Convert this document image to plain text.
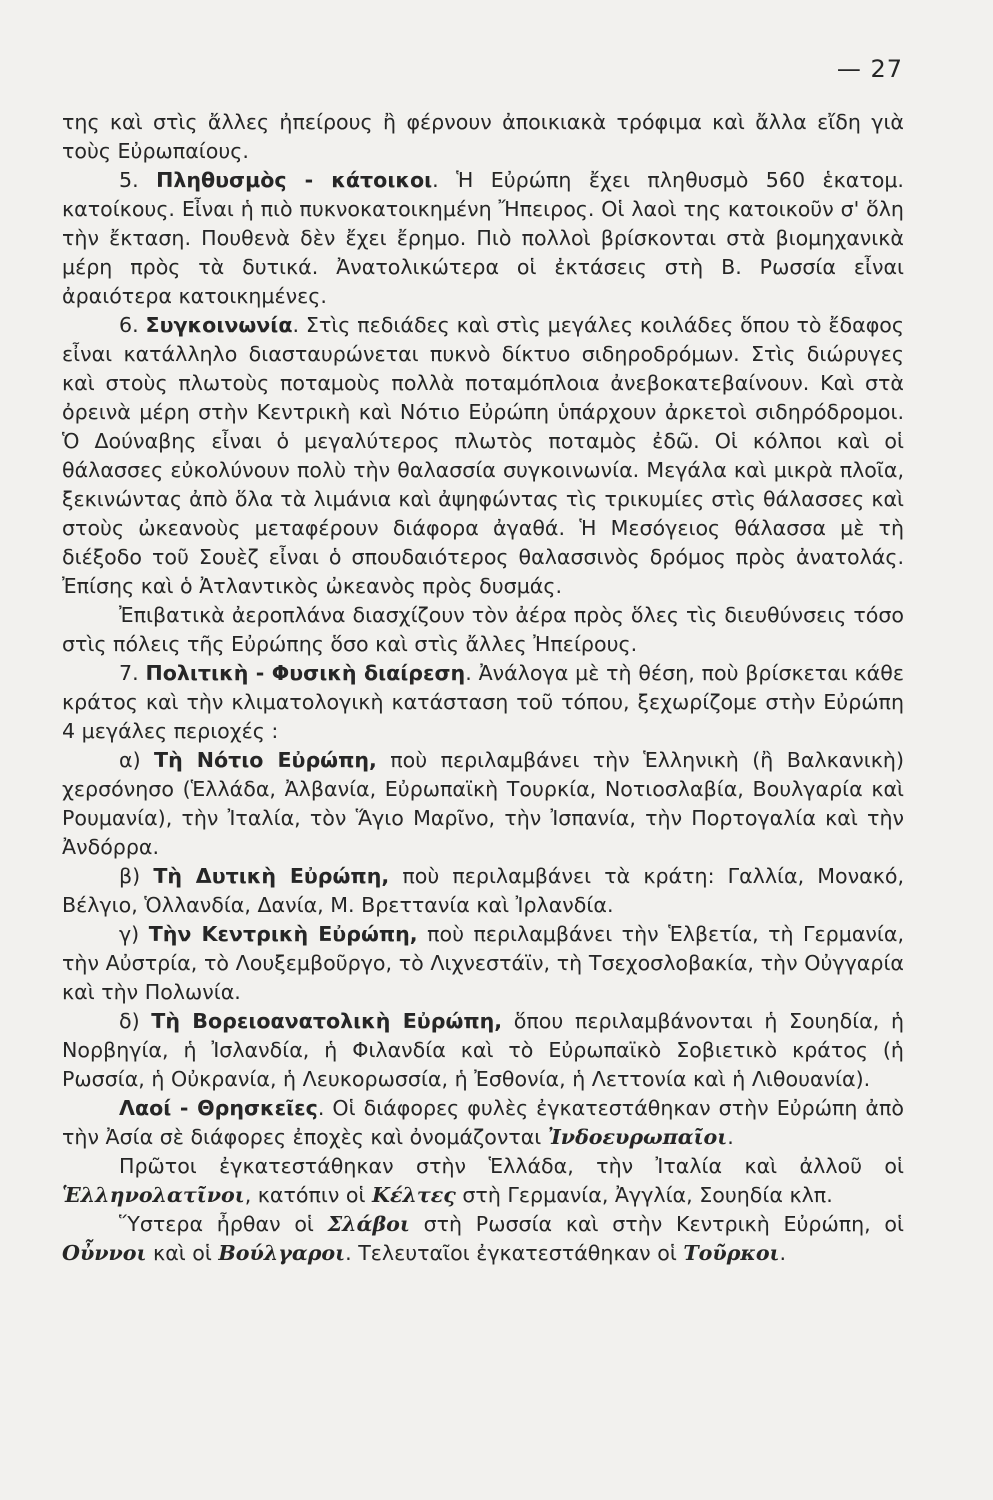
— 27

της καὶ στὶς ἄλλες ἠπείρους ἢ φέρνουν ἀποικιακὰ τρόφιμα καὶ ἄλλα εἴδη γιὰ τοὺς Εὐρωπαίους.

5. Πληθυσμὸς - κάτοικοι. Ἡ Εὐρώπη ἔχει πληθυσμὸ 560 ἑκατομ. κατοίκους. Εἶναι ἡ πιὸ πυκνοκατοικημένη Ἤπειρος. Οἱ λαοὶ της κατοικοῦν σ' ὅλη τὴν ἔκταση. Πουθενὰ δὲν ἔχει ἔρημο. Πιὸ πολλοὶ βρίσκονται στὰ βιομηχανικὰ μέρη πρὸς τὰ δυτικά. Ἀνατολικώτερα οἱ ἐκτάσεις στὴ Β. Ρωσσία εἶναι ἀραιότερα κατοικημένες.

6. Συγκοινωνία. Στὶς πεδιάδες καὶ στὶς μεγάλες κοιλάδες ὅπου τὸ ἔδαφος εἶναι κατάλληλο διασταυρώνεται πυκνὸ δίκτυο σιδηροδρόμων. Στὶς διώρυγες καὶ στοὺς πλωτοὺς ποταμοὺς πολλὰ ποταμόπλοια ἀνεβοκατεβαίνουν. Καὶ στὰ ὀρεινὰ μέρη στὴν Κεντρικὴ καὶ Νότιο Εὐρώπη ὑπάρχουν ἀρκετοὶ σιδηρόδρομοι. Ὁ Δούναβης εἶναι ὁ μεγαλύτερος πλωτὸς ποταμὸς ἐδῶ. Οἱ κόλποι καὶ οἱ θάλασσες εὐκολύνουν πολὺ τὴν θαλασσία συγκοινωνία. Μεγάλα καὶ μικρὰ πλοῖα, ξεκινώντας ἀπὸ ὅλα τὰ λιμάνια καὶ ἀψηφώντας τὶς τρικυμίες στὶς θάλασσες καὶ στοὺς ὠκεανοὺς μεταφέρουν διάφορα ἀγαθά. Ἡ Μεσόγειος θάλασσα μὲ τὴ διέξοδο τοῦ Σουὲζ εἶναι ὁ σπουδαιότερος θαλασσινὸς δρόμος πρὸς ἀνατολάς. Ἐπίσης καὶ ὁ Ἀτλαντικὸς ὠκεανὸς πρὸς δυσμάς.

Ἐπιβατικὰ ἀεροπλάνα διασχίζουν τὸν ἀέρα πρὸς ὅλες τὶς διευθύνσεις τόσο στὶς πόλεις τῆς Εὐρώπης ὅσο καὶ στὶς ἄλλες Ἠπείρους.

7. Πολιτικὴ - Φυσικὴ διαίρεση. Ἀνάλογα μὲ τὴ θέση, ποὺ βρίσκεται κάθε κράτος καὶ τὴν κλιματολογικὴ κατάσταση τοῦ τόπου, ξεχωρίζομε στὴν Εὐρώπη 4 μεγάλες περιοχές :

α) Τὴ Νότιο Εὐρώπη, ποὺ περιλαμβάνει τὴν Ἑλληνικὴ (ἢ Βαλκανικὴ) χερσόνησο (Ἑλλάδα, Ἀλβανία, Εὐρωπαϊκὴ Τουρκία, Νοτιοσλαβία, Βουλγαρία καὶ Ρουμανία), τὴν Ἰταλία, τὸν Ἅγιο Μαρῖνο, τὴν Ἰσπανία, τὴν Πορτογαλία καὶ τὴν Ἀνδόρρα.

β) Τὴ Δυτικὴ Εὐρώπη, ποὺ περιλαμβάνει τὰ κράτη: Γαλλία, Μονακό, Βέλγιο, Ὁλλανδία, Δανία, Μ. Βρεττανία καὶ Ἰρλανδία.

γ) Τὴν Κεντρικὴ Εὐρώπη, ποὺ περιλαμβάνει τὴν Ἑλβετία, τὴ Γερμανία, τὴν Αὐστρία, τὸ Λουξεμβοῦργο, τὸ Λιχνεστάϊν, τὴ Τσεχοσλοβακία, τὴν Οὐγγαρία καὶ τὴν Πολωνία.

δ) Τὴ Βορειοανατολικὴ Εὐρώπη, ὅπου περιλαμβάνονται ἡ Σουηδία, ἡ Νορβηγία, ἡ Ἰσλανδία, ἡ Φιλανδία καὶ τὸ Εὐρωπαϊκὸ Σοβιετικὸ κράτος (ἡ Ρωσσία, ἡ Οὐκρανία, ἡ Λευκορωσσία, ἡ Ἐσθονία, ἡ Λεττονία καὶ ἡ Λιθουανία).

Λαοί - Θρησκεῖες. Οἱ διάφορες φυλὲς ἐγκατεστάθηκαν στὴν Εὐρώπη ἀπὸ τὴν Ἀσία σὲ διάφορες ἐποχὲς καὶ ὀνομάζονται Ἰνδοευρωπαῖοι.

Πρῶτοι ἐγκατεστάθηκαν στὴν Ἑλλάδα, τὴν Ἰταλία καὶ ἀλλοῦ οἱ Ἑλληνολατῖνοι, κατόπιν οἱ Κέλτες στὴ Γερμανία, Ἀγγλία, Σουηδία κλπ.

Ὕστερα ἦρθαν οἱ Σλάβοι στὴ Ρωσσία καὶ στὴν Κεντρικὴ Εὐρώπη, οἱ Οὖννοι καὶ οἱ Βούλγαροι. Τελευταῖοι ἐγκατεστάθηκαν οἱ Τοῦρκοι.
